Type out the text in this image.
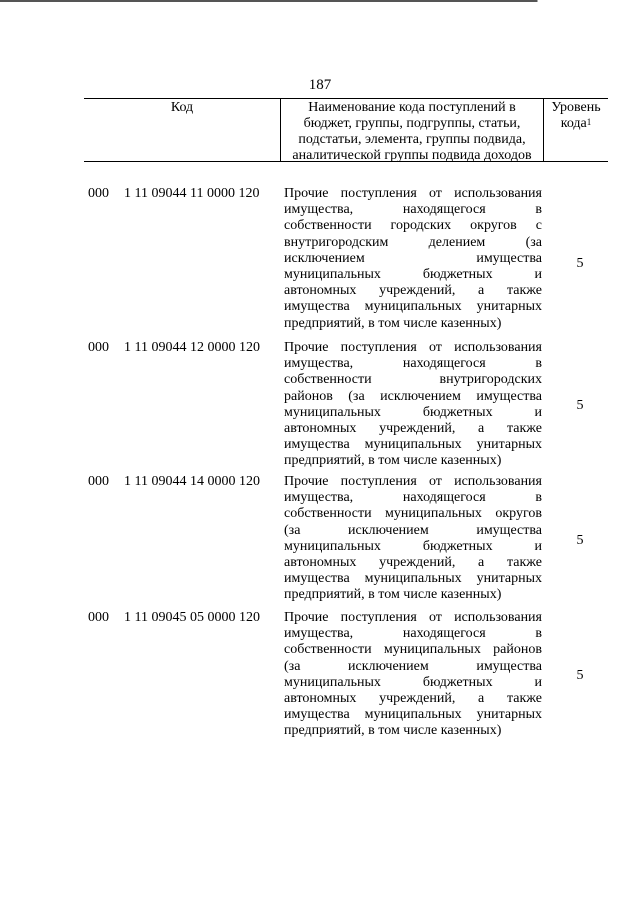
187
Код	Наименование кода поступлений в
бюджет, группы, подгруппы, статьи,
подстатьи, элемента, группы подвида,
аналитической группы подвида доходов
Уровень
кода$^1$
000 1 11 09044 11 0000 120	Прочие поступления от использования
имущества, находящегося в
собственности городских округов с
внутригородским делением (за
исключением имущества
муниципальных бюджетных и
автономных учреждений, а также
имущества муниципальных унитарных
предприятий, в том числе казенных)
5
000 1 11 09044 12 0000 120	Прочие поступления от использования
имущества, находящегося в
собственности внутригородских
районов (за исключением имущества
муниципальных бюджетных и
автономных учреждений, а также
имущества муниципальных унитарных
предприятий, в том числе казенных)
5
000 1 11 09044 14 0000 120	Прочие поступления от использования
имущества, находящегося в
собственности муниципальных округов
(за исключением имущества
муниципальных бюджетных и
автономных учреждений, а также
имущества муниципальных унитарных
предприятий, в том числе казенных)
5
000 1 11 09045 05 0000 120	Прочие поступления от использования
имущества, находящегося в
собственности муниципальных районов
(за исключением имущества
муниципальных бюджетных и
автономных учреждений, а также
имущества муниципальных унитарных
предприятий, в том числе казенных)
5
